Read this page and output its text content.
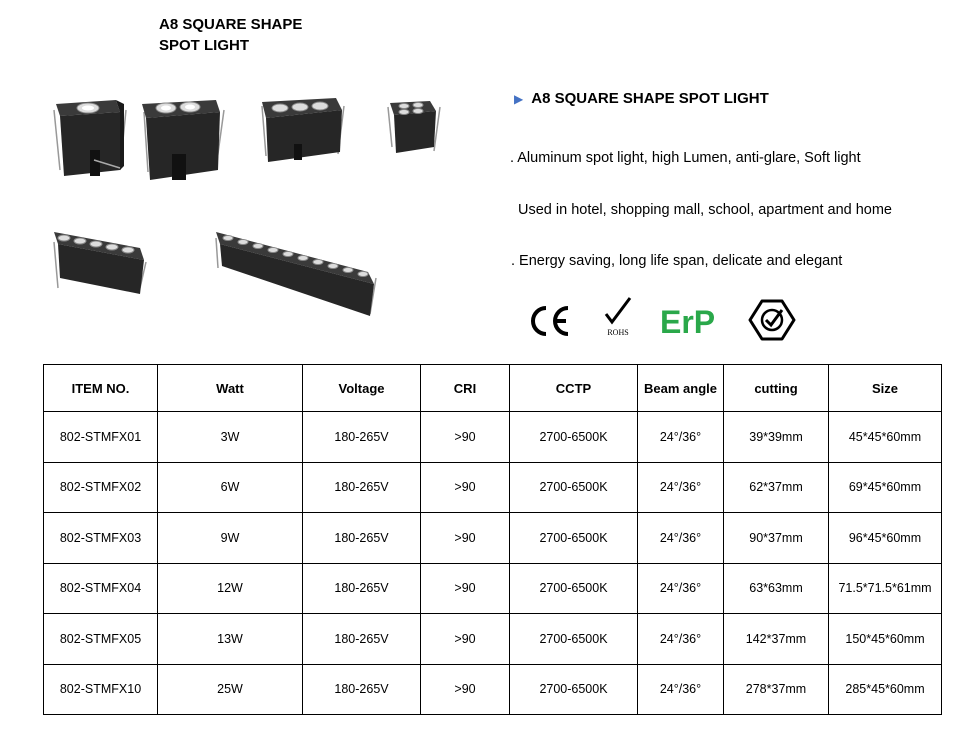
A8 SQUARE SHAPE
SPOT LIGHT
▶ A8 SQUARE SHAPE SPOT LIGHT
. Aluminum spot light, high Lumen, anti-glare, Soft light
Used in hotel, shopping mall, school, apartment and home
. Energy saving, long life span, delicate and elegant
ROHS ErP
ITEM NO.	Watt	Voltage	CRI	CCTP	Beam angle	cutting	Size
802-STMFX01	3W	180-265V	>90	2700-6500K	24°/36°	39*39mm	45*45*60mm
802-STMFX02	6W	180-265V	>90	2700-6500K	24°/36°	62*37mm	69*45*60mm
802-STMFX03	9W	180-265V	>90	2700-6500K	24°/36°	90*37mm	96*45*60mm
802-STMFX04	12W	180-265V	>90	2700-6500K	24°/36°	63*63mm	71.5*71.5*61mm
802-STMFX05	13W	180-265V	>90	2700-6500K	24°/36°	142*37mm	150*45*60mm
802-STMFX10	25W	180-265V	>90	2700-6500K	24°/36°	278*37mm	285*45*60mm
